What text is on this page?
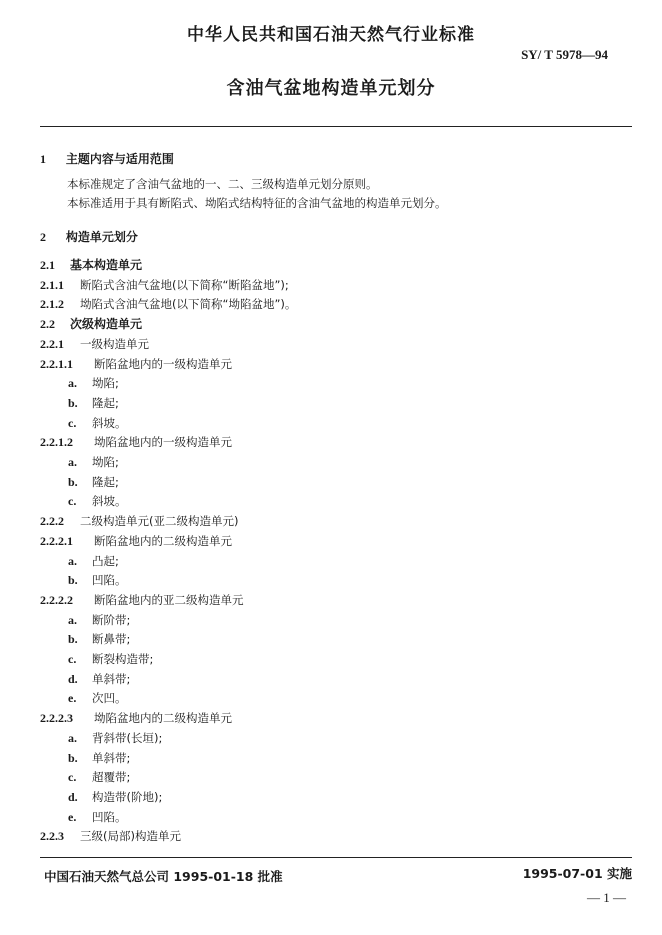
中华人民共和国石油天然气行业标准
SY/ T 5978—94
含油气盆地构造单元划分
1 主题内容与适用范围
本标准规定了含油气盆地的一、二、三级构造单元划分原则。
本标准适用于具有断陷式、坳陷式结构特征的含油气盆地的构造单元划分。
2 构造单元划分
2.1 基本构造单元
2.1.1 断陷式含油气盆地(以下简称“断陷盆地”);
2.1.2 坳陷式含油气盆地(以下简称“坳陷盆地”)。
2.2 次级构造单元
2.2.1 一级构造单元
2.2.1.1 断陷盆地内的一级构造单元
a. 坳陷;
b. 隆起;
c. 斜坡。
2.2.1.2 坳陷盆地内的一级构造单元
a. 坳陷;
b. 隆起;
c. 斜坡。
2.2.2 二级构造单元(亚二级构造单元)
2.2.2.1 断陷盆地内的二级构造单元
a. 凸起;
b. 凹陷。
2.2.2.2 断陷盆地内的亚二级构造单元
a. 断阶带;
b. 断鼻带;
c. 断裂构造带;
d. 单斜带;
e. 次凹。
2.2.2.3 坳陷盆地内的二级构造单元
a. 背斜带(长垣);
b. 单斜带;
c. 超覆带;
d. 构造带(阶地);
e. 凹陷。
2.2.3 三级(局部)构造单元
中国石油天然气总公司 1995-01-18 批准	1995-07-01 实施
— 1 —
